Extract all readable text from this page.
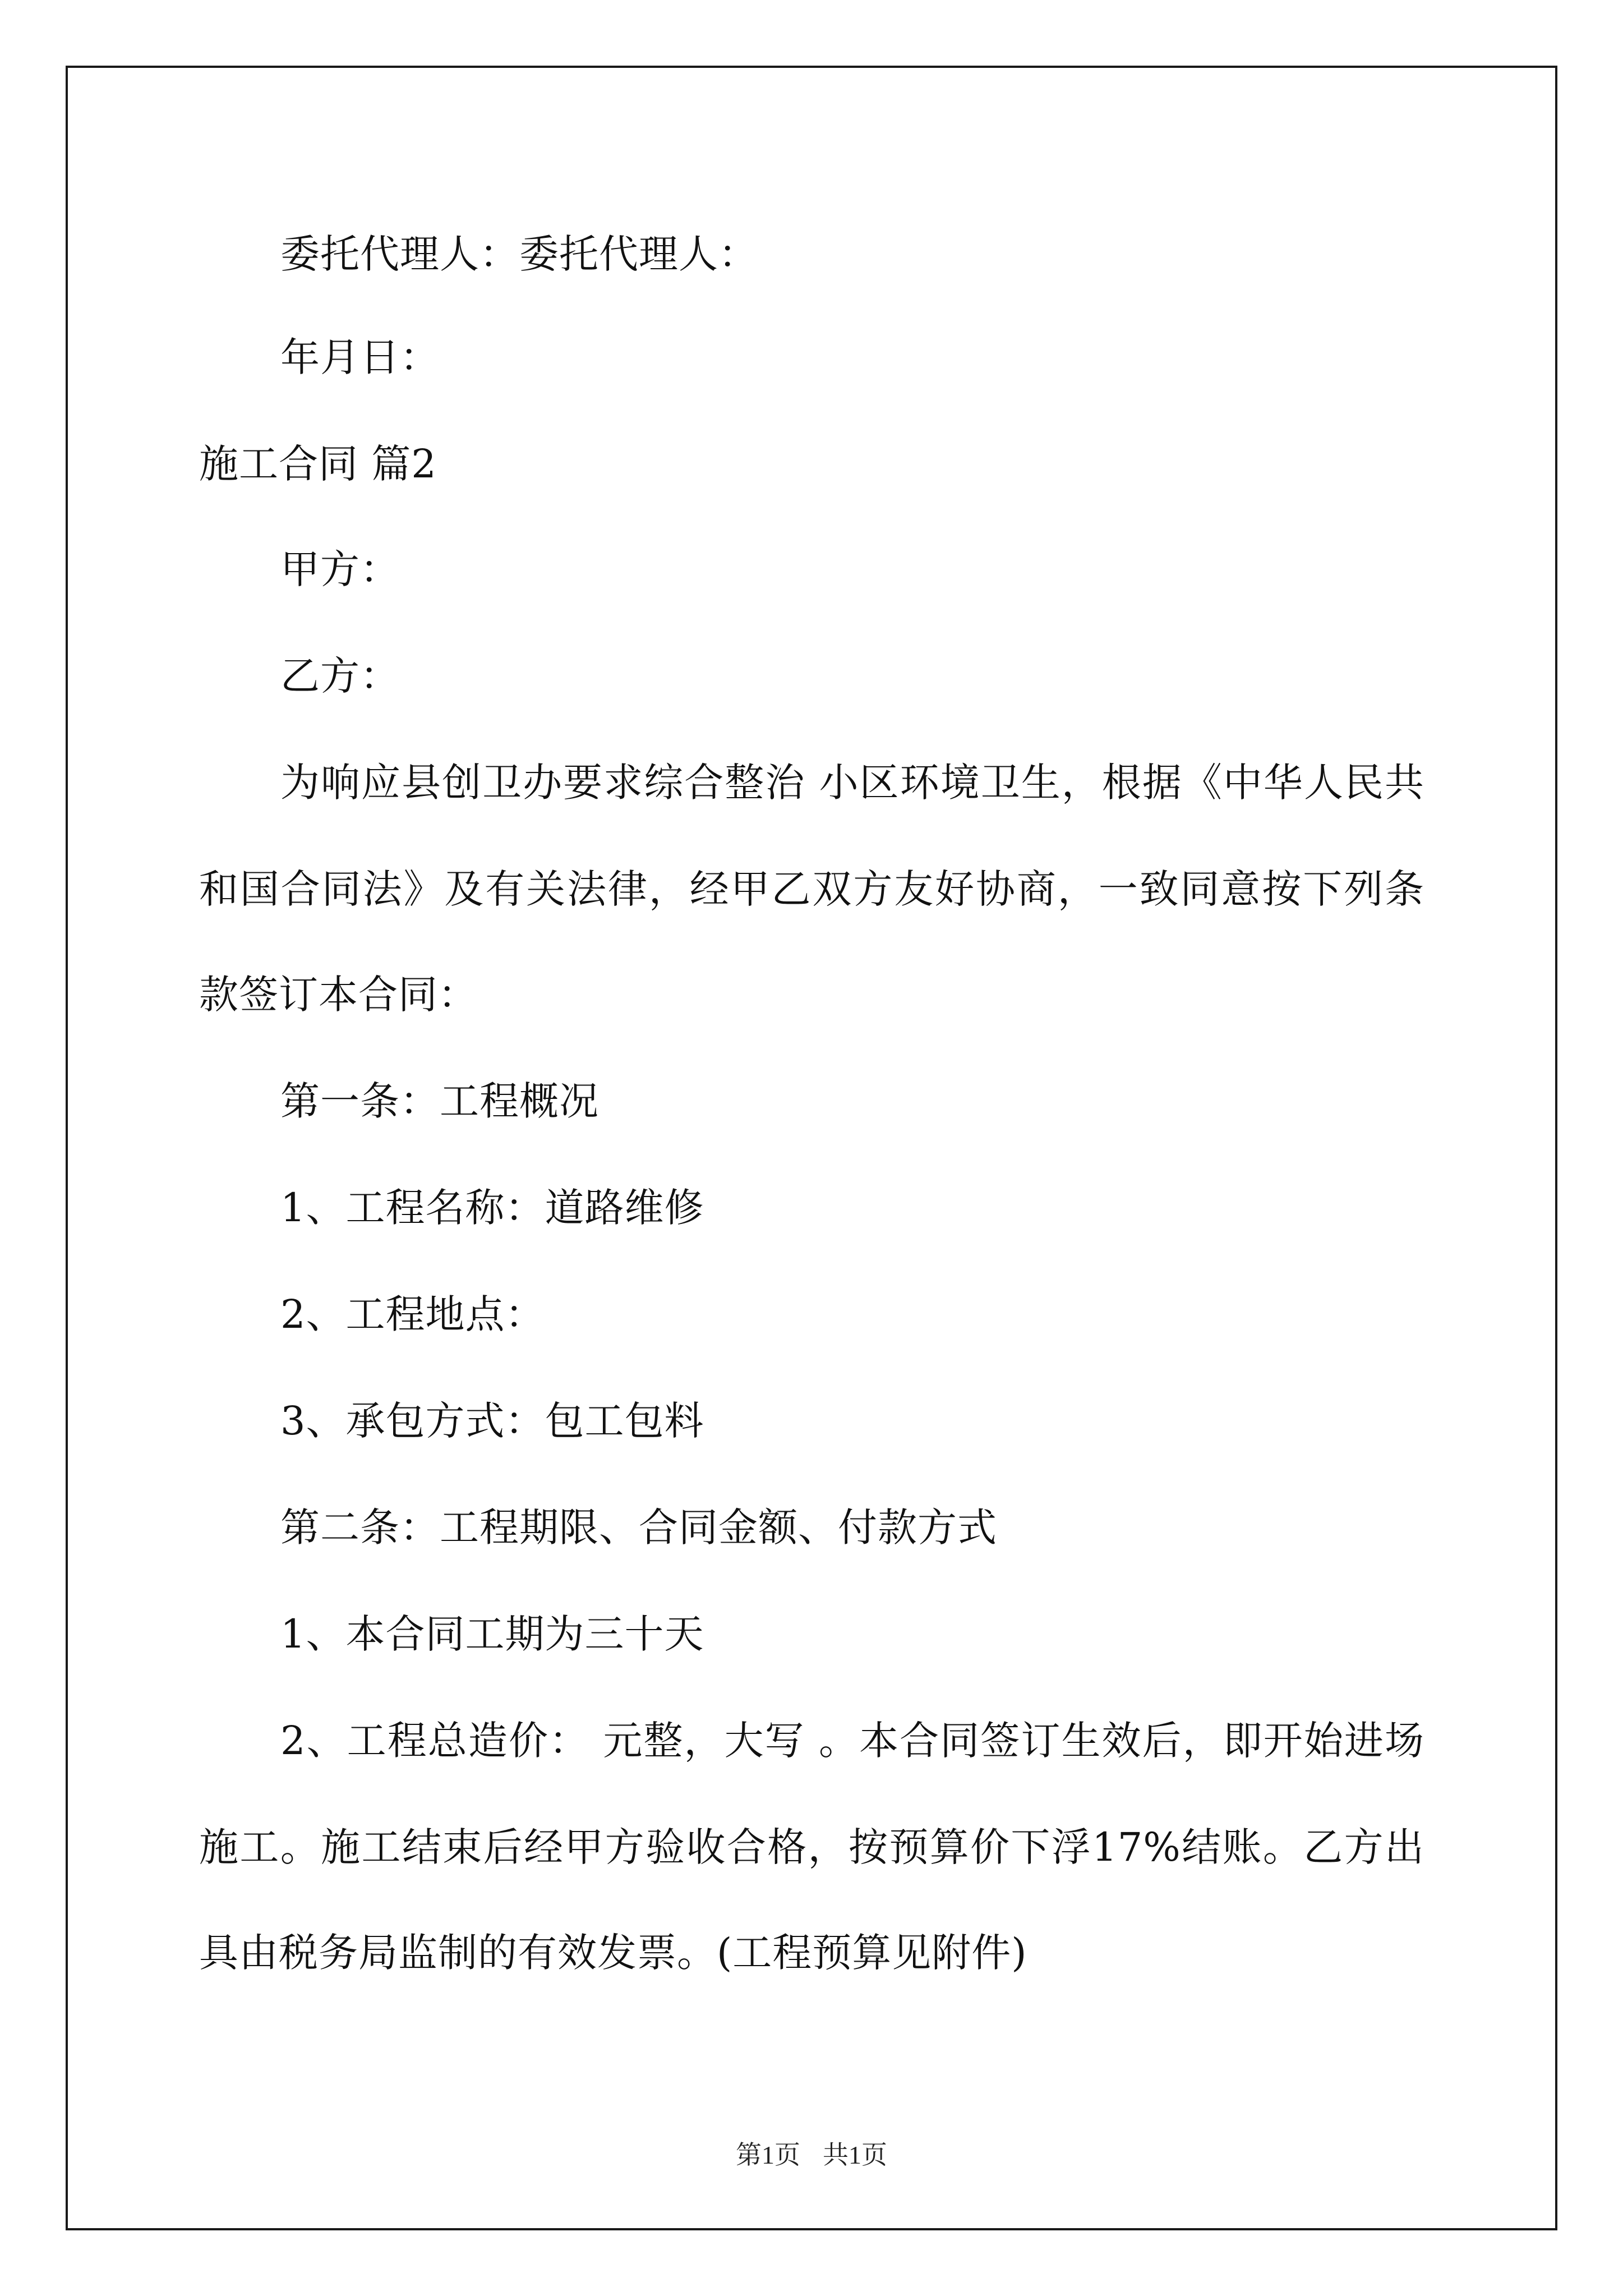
委托代理人：委托代理人：
年月日：
施工合同 篇2
甲方：
乙方：
为响应县创卫办要求综合整治 小区环境卫生，根据《中华人民共
和国合同法》及有关法律，经甲乙双方友好协商，一致同意按下列条
款签订本合同：
第一条：工程概况
1、工程名称：道路维修
2、工程地点：
3、承包方式：包工包料
第二条：工程期限、合同金额、付款方式
1、本合同工期为三十天
2、工程总造价： 元整，大写 。本合同签订生效后，即开始进场
施工。施工结束后经甲方验收合格，按预算价下浮17%结账。乙方出
具由税务局监制的有效发票。(工程预算见附件)
第1页 共1页
